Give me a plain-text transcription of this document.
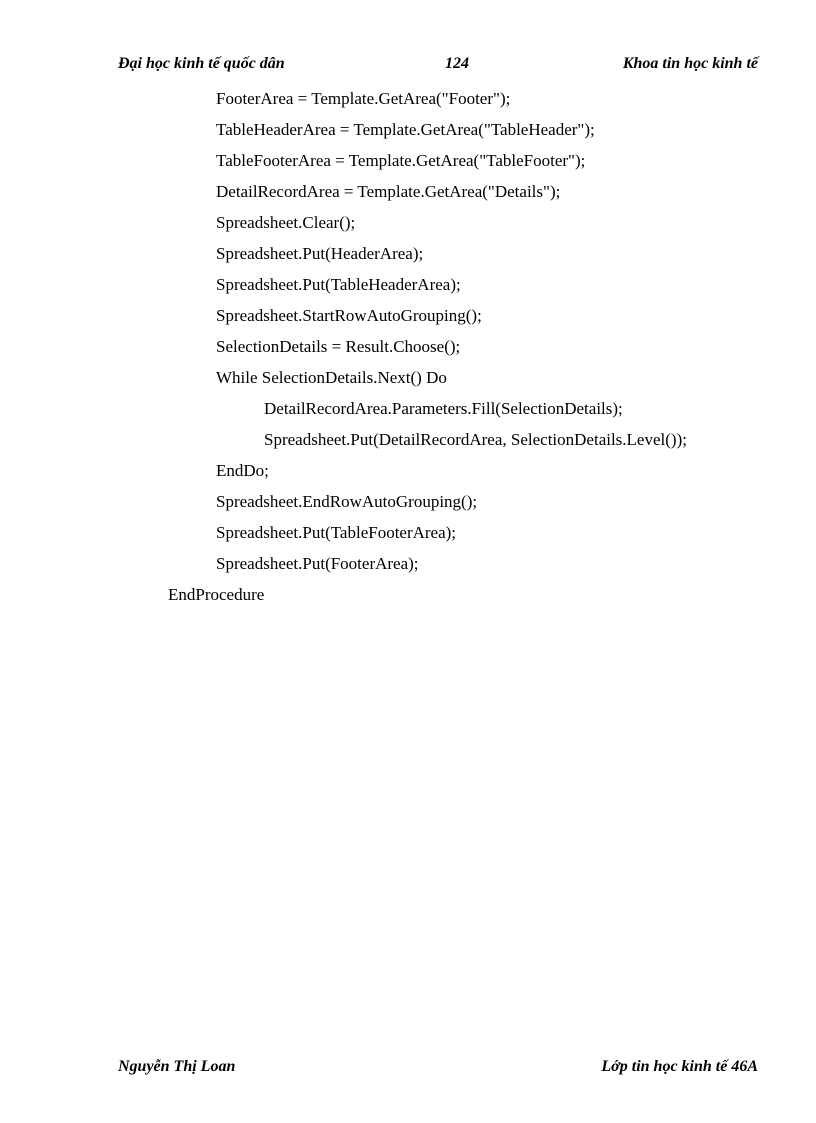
Đại học kinh tế quốc dân	124	Khoa tin học kinh tế
FooterArea = Template.GetArea("Footer");
TableHeaderArea = Template.GetArea("TableHeader");
TableFooterArea = Template.GetArea("TableFooter");
DetailRecordArea = Template.GetArea("Details");
Spreadsheet.Clear();
Spreadsheet.Put(HeaderArea);
Spreadsheet.Put(TableHeaderArea);
Spreadsheet.StartRowAutoGrouping();
SelectionDetails = Result.Choose();
While SelectionDetails.Next() Do
DetailRecordArea.Parameters.Fill(SelectionDetails);
Spreadsheet.Put(DetailRecordArea, SelectionDetails.Level());
EndDo;
Spreadsheet.EndRowAutoGrouping();
Spreadsheet.Put(TableFooterArea);
Spreadsheet.Put(FooterArea);
EndProcedure
Nguyễn Thị Loan	Lớp tin học kinh tế 46A
